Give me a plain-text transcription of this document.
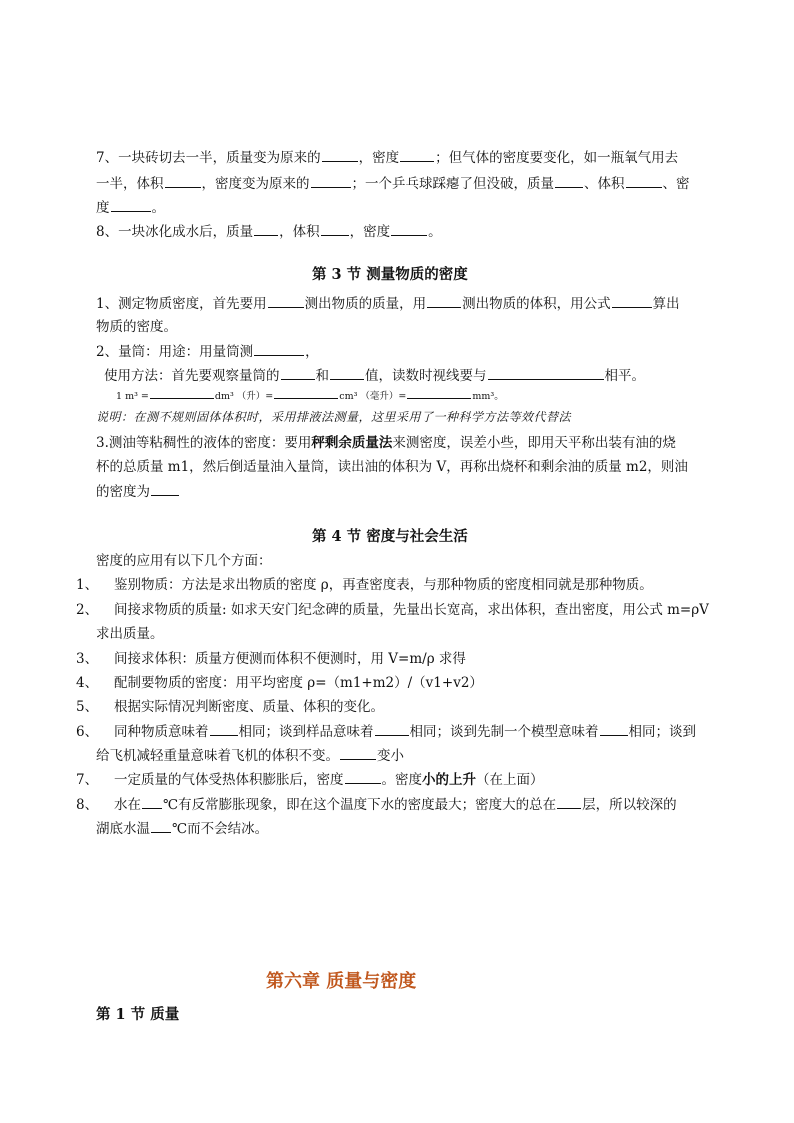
7、一块砖切去一半，质量变为原来的	，密度	；但气体的密度要变化，如一瓶氧气用去
一半，体积	，密度变为原来的	；一个乒乓球踩瘪了但没破，质量 、体积	、密
度	。
8、一块冰化成水后，质量 ，体积 ，密度	。
第 3 节 测量物质的密度
1、测定物质密度，首先要用	测出物质的质量，用	测出物质的体积，用公式	算出
物质的密度。
2、量筒：用途：用量筒测	，
使用方法：首先要观察量筒的	和	值，读数时视线要与	相平。
1 m³ =	dm³ （升）=	cm³ （毫升）=	mm³。
说明：在测不规则固体体积时，采用排液法测量，这里采用了一种科学方法等效代替法
3.测油等粘稠性的液体的密度：要用秤剩余质量法来测密度，误差小些，即用天平称出装有油的烧
杯的总质量 m1，然后倒适量油入量筒，读出油的体积为 V，再称出烧杯和剩余油的质量 m2，则油
的密度为
第 4 节 密度与社会生活
密度的应用有以下几个方面：
1、 鉴别物质：方法是求出物质的密度 ρ，再查密度表，与那种物质的密度相同就是那种物质。
2、 间接求物质的质量: 如求天安门纪念碑的质量，先量出长宽高，求出体积，查出密度，用公式 m=ρV
求出质量。
3、 间接求体积：质量方便测而体积不便测时，用 V=m/ρ 求得
4、 配制要物质的密度：用平均密度 ρ=（m1+m2）/（v1+v2）
5、 根据实际情况判断密度、质量、体积的变化。
6、 同种物质意味着 相同；谈到样品意味着	相同；谈到先制一个模型意味着 相同；谈到
给飞机减轻重量意味着飞机的体积不变。	变小
7、 一定质量的气体受热体积膨胀后，密度	。密度小的上升（在上面）
8、 水在 ℃有反常膨胀现象，即在这个温度下水的密度最大；密度大的总在 层，所以较深的
湖底水温 ℃而不会结冰。
第六章 质量与密度
第 1 节 质量
